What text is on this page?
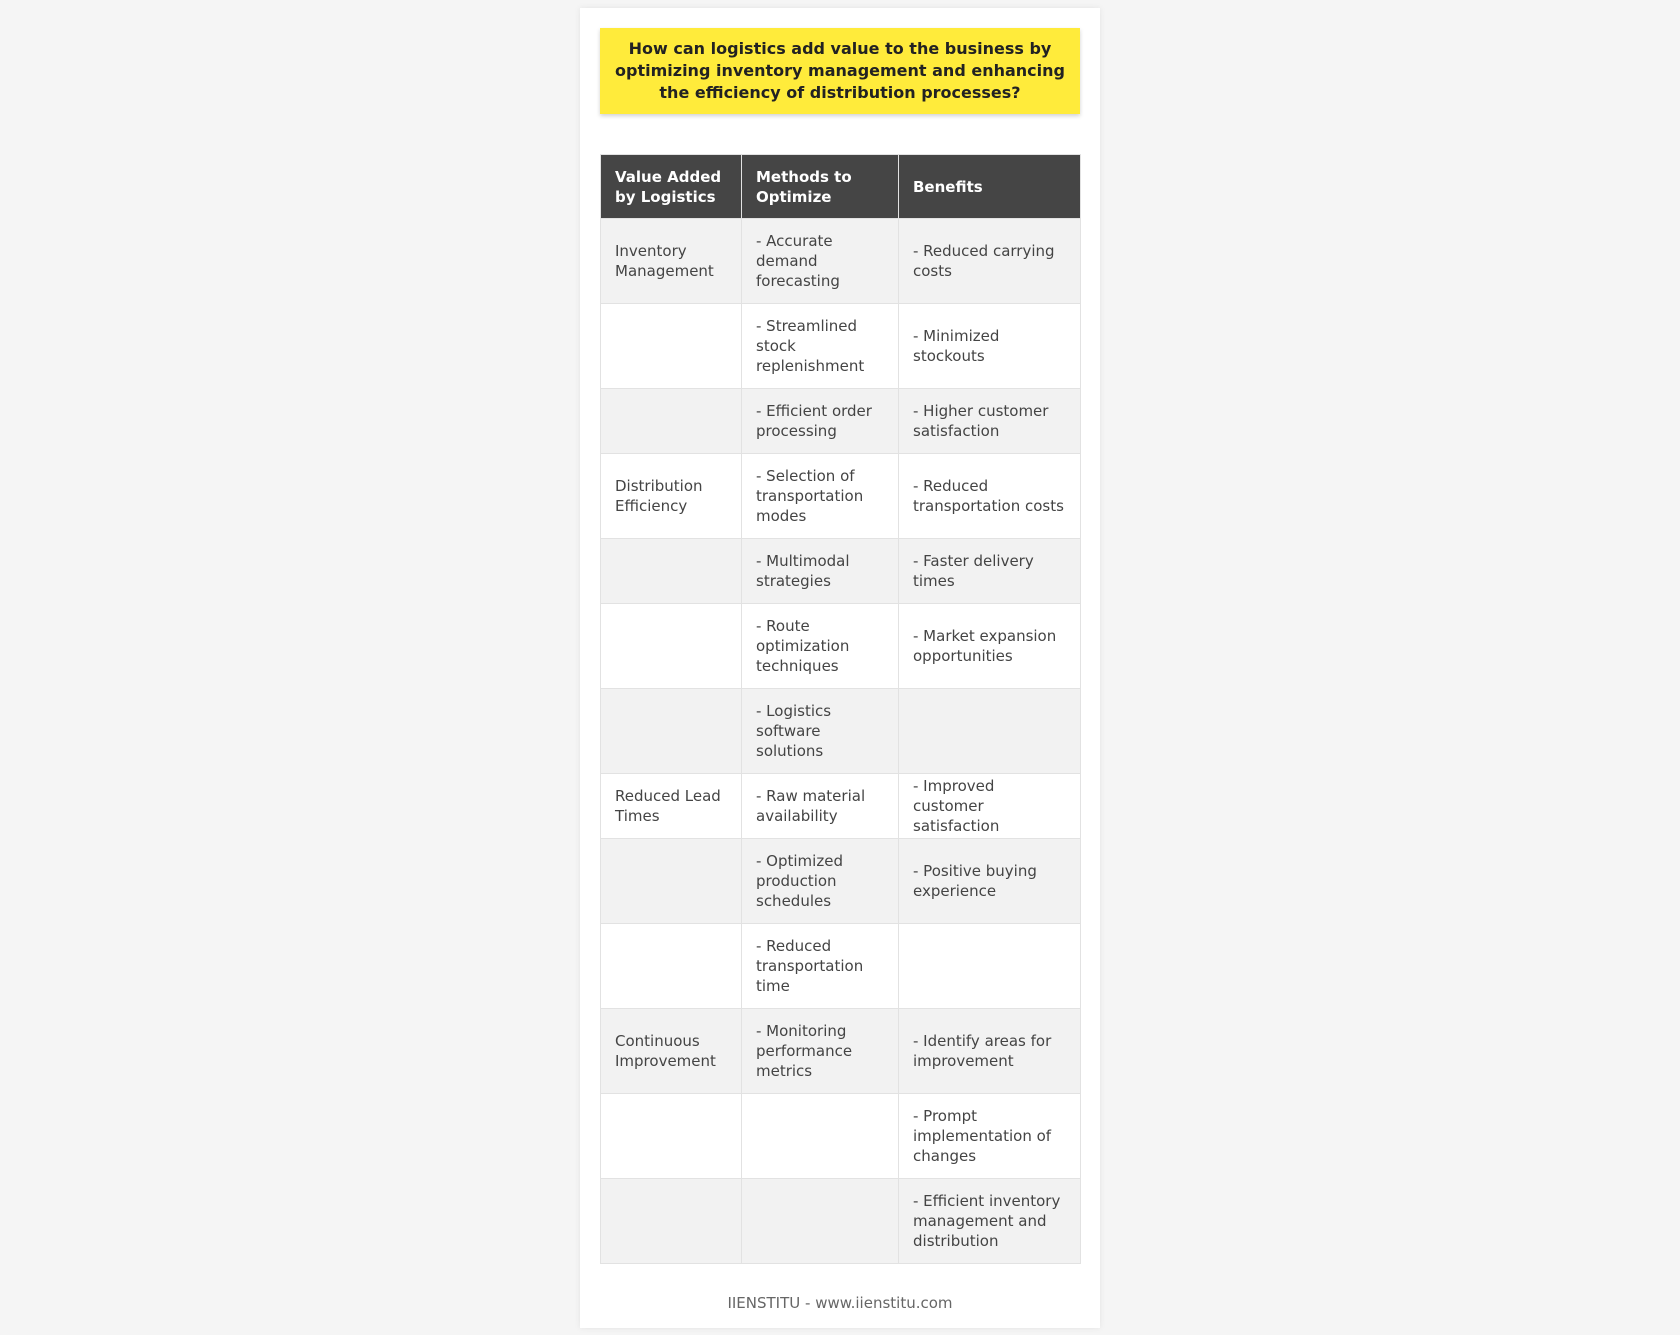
How can logistics add value to the business by optimizing inventory management and enhancing the efficiency of distribution processes?
Value Added by Logistics	Methods to Optimize	Benefits
Inventory Management	- Accurate demand forecasting	- Reduced carrying costs
	- Streamlined stock replenishment	- Minimized stockouts
	- Efficient order processing	- Higher customer satisfaction
Distribution Efficiency	- Selection of transportation modes	- Reduced transportation costs
	- Multimodal strategies	- Faster delivery times
	- Route optimization techniques	- Market expansion opportunities
	- Logistics software solutions	
Reduced Lead Times	- Raw material availability	- Improved customer satisfaction
	- Optimized production schedules	- Positive buying experience
	- Reduced transportation time	
Continuous Improvement	- Monitoring performance metrics	- Identify areas for improvement
		- Prompt implementation of changes
		- Efficient inventory management and distribution
IIENSTITU - www.iienstitu.com
